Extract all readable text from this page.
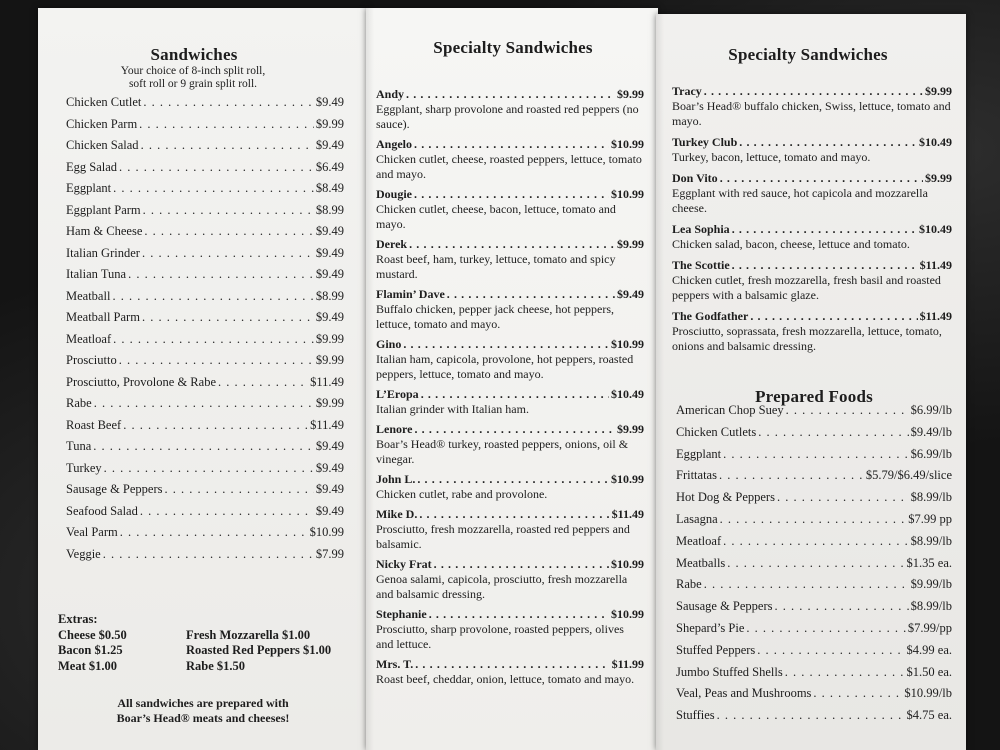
Sandwiches
Your choice of 8-inch split roll,
soft roll or 9 grain split roll.
Chicken Cutlet . . .	$9.49
Chicken Parm . . .	$9.99
Chicken Salad . . .	$9.49
Egg Salad . . .	$6.49
Eggplant . . .	$8.49
Eggplant Parm . . .	$8.99
Ham & Cheese . . .	$9.49
Italian Grinder . . .	$9.49
Italian Tuna . . .	$9.49
Meatball . . .	$8.99
Meatball Parm . . .	$9.49
Meatloaf . . .	$9.99
Prosciutto . . .	$9.99
Prosciutto, Provolone & Rabe . . .	$11.49
Rabe . . .	$9.99
Roast Beef . . .	$11.49
Tuna . . .	$9.49
Turkey . . .	$9.49
Sausage & Peppers . . .	$9.49
Seafood Salad . . .	$9.49
Veal Parm . . .	$10.99
Veggie . . .	$7.99
Extras:
Cheese $0.50	Fresh Mozzarella $1.00
Bacon $1.25	Roasted Red Peppers $1.00
Meat $1.00	Rabe $1.50
All sandwiches are prepared with
Boar’s Head® meats and cheeses!
Specialty Sandwiches
Andy . . .	$9.99
Eggplant, sharp provolone and roasted red peppers (no sauce).
Angelo . . .	$10.99
Chicken cutlet, cheese, roasted peppers, lettuce, tomato and mayo.
Dougie . . .	$10.99
Chicken cutlet, cheese, bacon, lettuce, tomato and mayo.
Derek . . .	$9.99
Roast beef, ham, turkey, lettuce, tomato and spicy mustard.
Flamin’ Dave . . .	$9.49
Buffalo chicken, pepper jack cheese, hot peppers, lettuce, tomato and mayo.
Gino . . .	$10.99
Italian ham, capicola, provolone, hot peppers, roasted peppers, lettuce, tomato and mayo.
L’Eropa . . .	$10.49
Italian grinder with Italian ham.
Lenore . . .	$9.99
Boar’s Head® turkey, roasted peppers, onions, oil & vinegar.
John L. . . .	$10.99
Chicken cutlet, rabe and provolone.
Mike D. . . .	$11.49
Prosciutto, fresh mozzarella, roasted red peppers and balsamic.
Nicky Frat . . .	$10.99
Genoa salami, capicola, prosciutto, fresh mozzarella and balsamic dressing.
Stephanie . . .	$10.99
Prosciutto, sharp provolone, roasted peppers, olives and lettuce.
Mrs. T. . . .	$11.99
Roast beef, cheddar, onion, lettuce, tomato and mayo.
Specialty Sandwiches
Tracy . . .	$9.99
Boar’s Head® buffalo chicken, Swiss, lettuce, tomato and mayo.
Turkey Club . . .	$10.49
Turkey, bacon, lettuce, tomato and mayo.
Don Vito . . .	$9.99
Eggplant with red sauce, hot capicola and mozzarella cheese.
Lea Sophia . . .	$10.49
Chicken salad, bacon, cheese, lettuce and tomato.
The Scottie . . .	$11.49
Chicken cutlet, fresh mozzarella, fresh basil and roasted peppers with a balsamic glaze.
The Godfather . . .	$11.49
Prosciutto, soprassata, fresh mozzarella, lettuce, tomato, onions and balsamic dressing.
Prepared Foods
American Chop Suey . . .	$6.99/lb
Chicken Cutlets . . .	$9.49/lb
Eggplant . . .	$6.99/lb
Frittatas . . .	$5.79/$6.49/slice
Hot Dog & Peppers . . .	$8.99/lb
Lasagna . . .	$7.99 pp
Meatloaf . . .	$8.99/lb
Meatballs . . .	$1.35 ea.
Rabe . . .	$9.99/lb
Sausage & Peppers . . .	$8.99/lb
Shepard’s Pie . . .	$7.99/pp
Stuffed Peppers . . .	$4.99 ea.
Jumbo Stuffed Shells . . .	$1.50 ea.
Veal, Peas and Mushrooms . . .	$10.99/lb
Stuffies . . .	$4.75 ea.
